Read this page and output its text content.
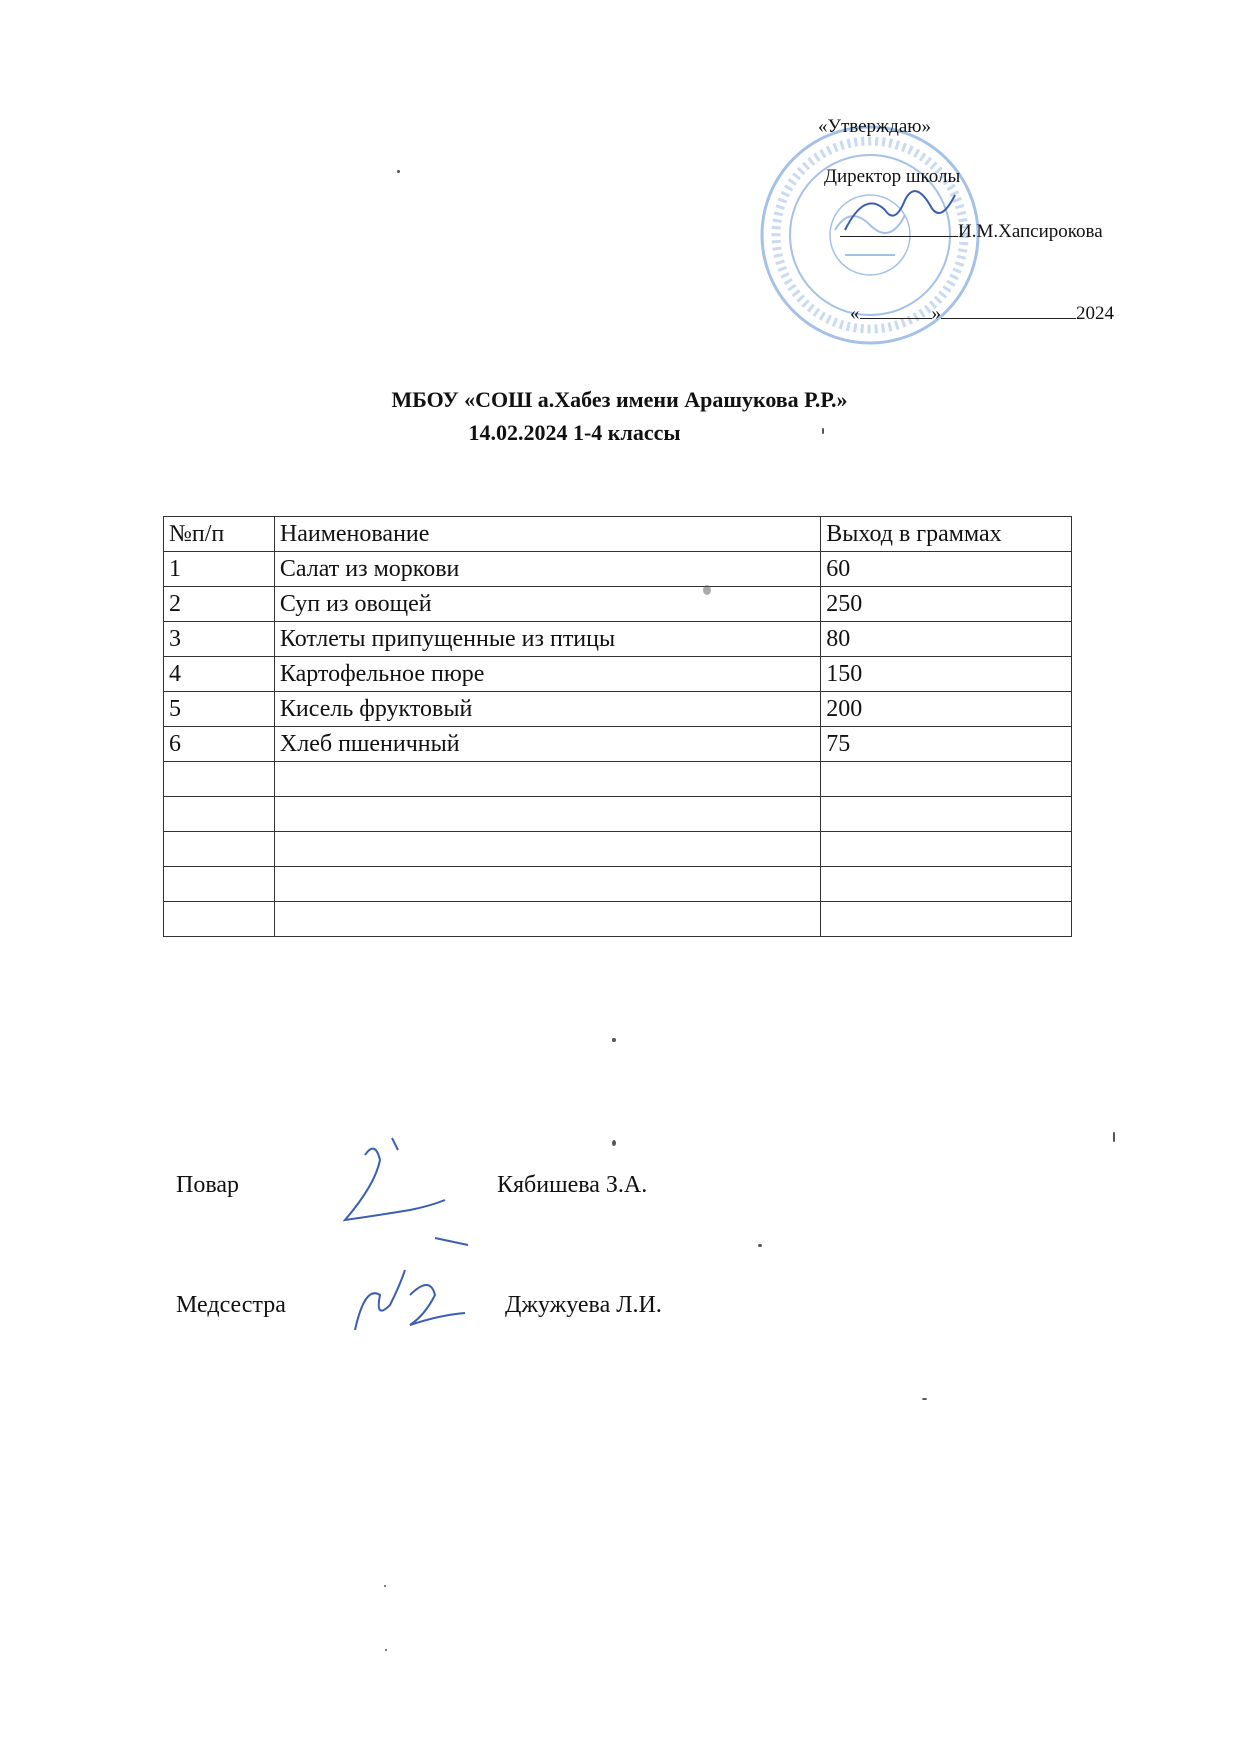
«Утверждаю»
Директор школы
И.М.Хапсирокова
«	»	2024
МБОУ «СОШ а.Хабез имени Арашукова Р.Р.»
14.02.2024 1-4 классы
№п/п	Наименование	Выход в граммах
1	Салат из моркови	60
2	Суп из овощей	250
3	Котлеты припущенные из птицы	80
4	Картофельное пюре	150
5	Кисель фруктовый	200
6	Хлеб пшеничный	75

Повар	Кябишева З.А.
Медсестра	Джужуева Л.И.
